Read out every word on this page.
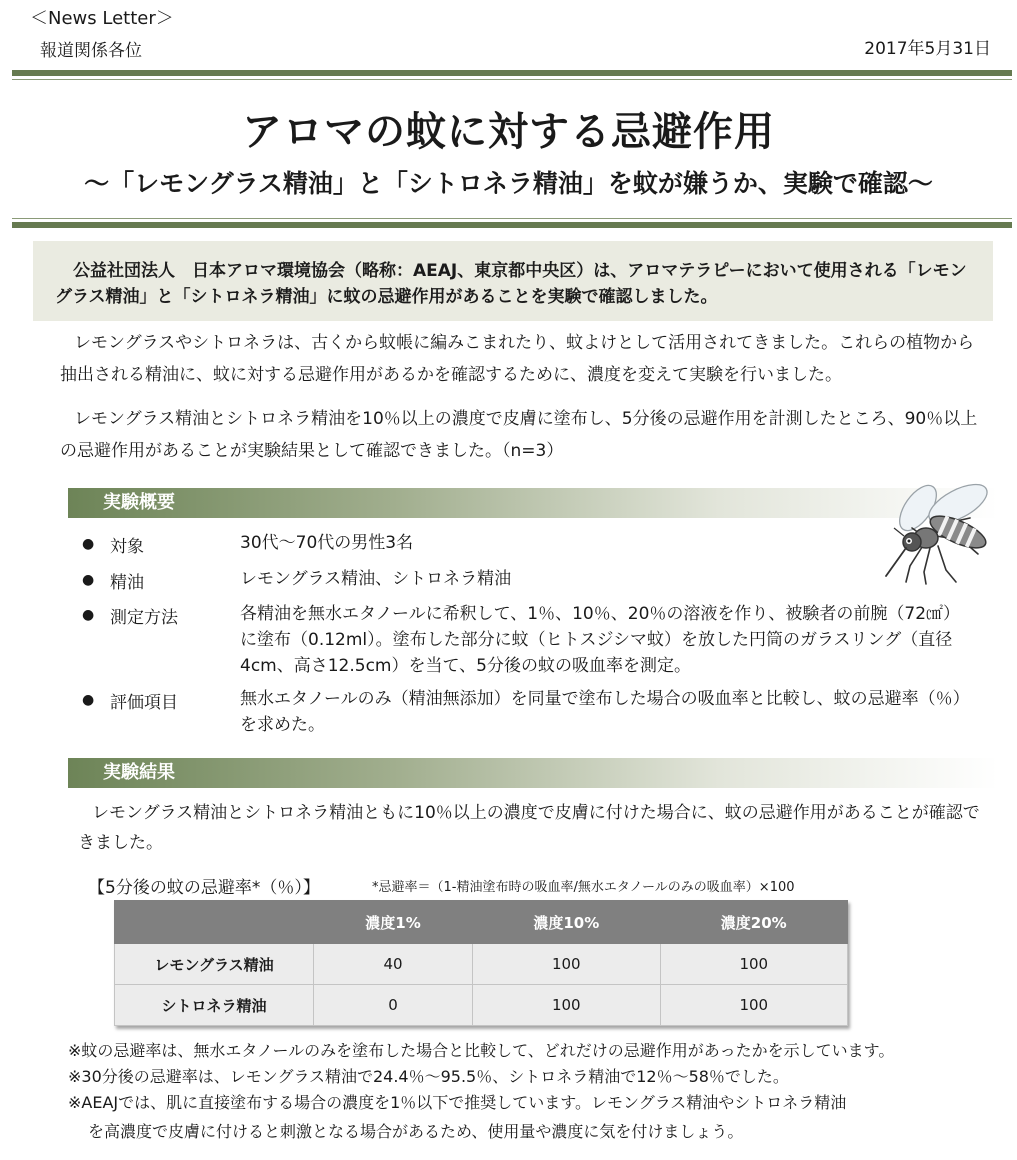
＜News Letter＞
報道関係各位	2017年5月31日
アロマの蚊に対する忌避作用
～「レモングラス精油」と「シトロネラ精油」を蚊が嫌うか、実験で確認～
公益社団法人　日本アロマ環境協会（略称：AEAJ、東京都中央区）は、アロマテラピーにおいて使用される「レモングラス精油」と「シトロネラ精油」に蚊の忌避作用があることを実験で確認しました。
レモングラスやシトロネラは、古くから蚊帳に編みこまれたり、蚊よけとして活用されてきました。これらの植物から抽出される精油に、蚊に対する忌避作用があるかを確認するために、濃度を変えて実験を行いました。
レモングラス精油とシトロネラ精油を10％以上の濃度で皮膚に塗布し、5分後の忌避作用を計測したところ、90％以上の忌避作用があることが実験結果として確認できました。（n=3）
実験概要
● 対象	30代～70代の男性3名
● 精油	レモングラス精油、シトロネラ精油
● 測定方法	各精油を無水エタノールに希釈して、1％、10％、20％の溶液を作り、被験者の前腕（72㎠）に塗布（0.12ml）。塗布した部分に蚊（ヒトスジシマ蚊）を放した円筒のガラスリング（直径4cm、高さ12.5cm）を当て、5分後の蚊の吸血率を測定。
● 評価項目	無水エタノールのみ（精油無添加）を同量で塗布した場合の吸血率と比較し、蚊の忌避率（％）を求めた。
実験結果
レモングラス精油とシトロネラ精油ともに10％以上の濃度で皮膚に付けた場合に、蚊の忌避作用があることが確認できました。
【5分後の蚊の忌避率*（％）】	*忌避率＝（1-精油塗布時の吸血率/無水エタノールのみの吸血率）×100
	濃度1%	濃度10%	濃度20%
レモングラス精油	40	100	100
シトロネラ精油	0	100	100
※蚊の忌避率は、無水エタノールのみを塗布した場合と比較して、どれだけの忌避作用があったかを示しています。
※30分後の忌避率は、レモングラス精油で24.4％～95.5％、シトロネラ精油で12％～58％でした。
※AEAJでは、肌に直接塗布する場合の濃度を1％以下で推奨しています。レモングラス精油やシトロネラ精油
を高濃度で皮膚に付けると刺激となる場合があるため、使用量や濃度に気を付けましょう。
